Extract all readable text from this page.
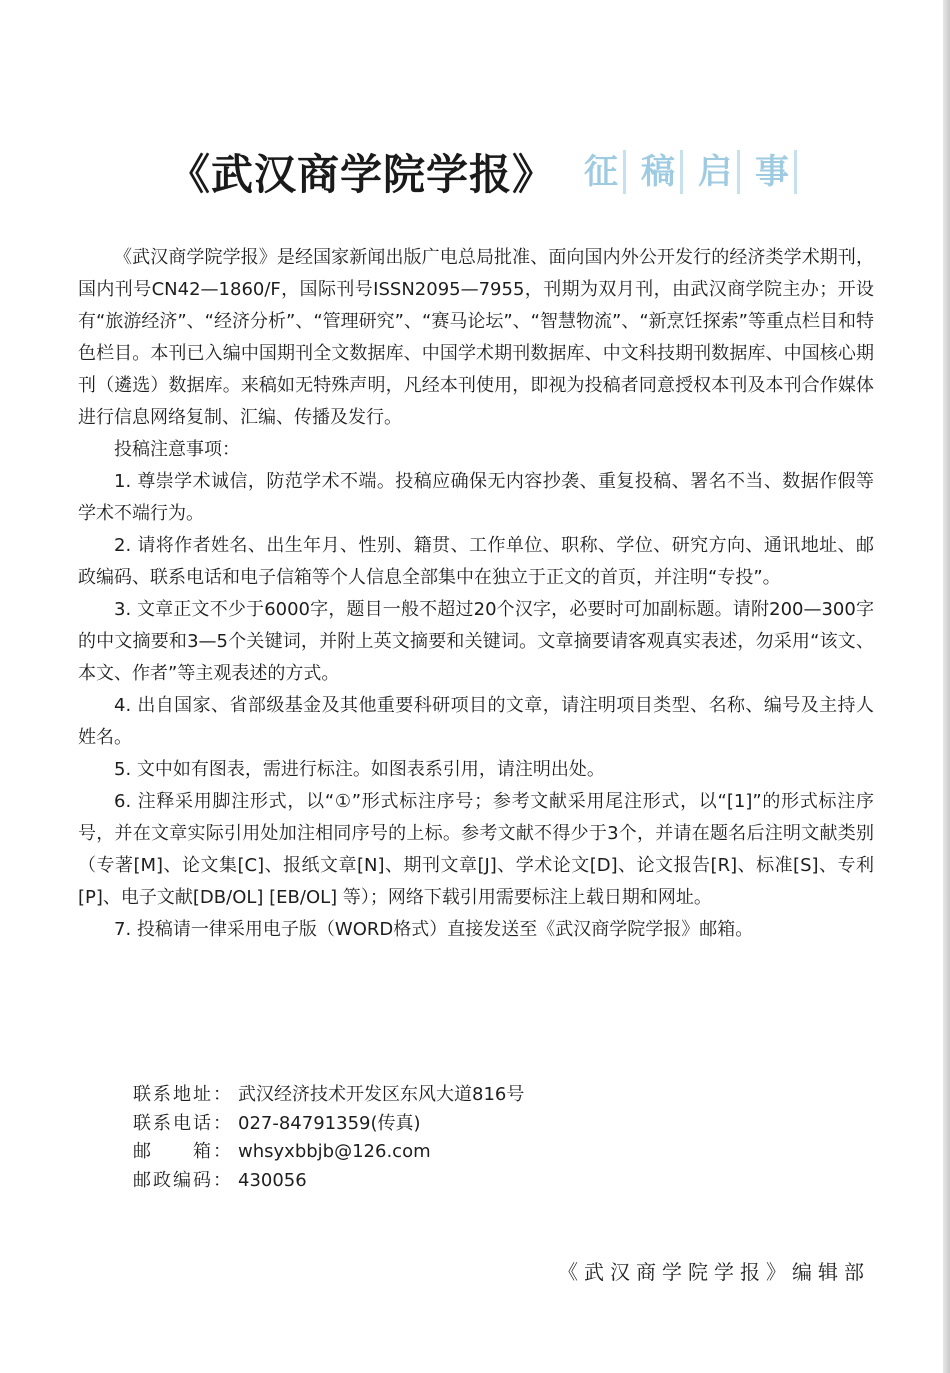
《武汉商学院学报》 征 稿 启 事

《武汉商学院学报》是经国家新闻出版广电总局批准、面向国内外公开发行的经济类学术期刊，国内刊号CN42—1860/F，国际刊号ISSN2095—7955，刊期为双月刊，由武汉商学院主办；开设有“旅游经济”、“经济分析”、“管理研究”、“赛马论坛”、“智慧物流”、“新烹饪探索”等重点栏目和特色栏目。本刊已入编中国期刊全文数据库、中国学术期刊数据库、中文科技期刊数据库、中国核心期刊（遴选）数据库。来稿如无特殊声明，凡经本刊使用，即视为投稿者同意授权本刊及本刊合作媒体进行信息网络复制、汇编、传播及发行。

投稿注意事项：

1. 尊崇学术诚信，防范学术不端。投稿应确保无内容抄袭、重复投稿、署名不当、数据作假等学术不端行为。

2. 请将作者姓名、出生年月、性别、籍贯、工作单位、职称、学位、研究方向、通讯地址、邮政编码、联系电话和电子信箱等个人信息全部集中在独立于正文的首页，并注明“专投”。

3. 文章正文不少于6000字，题目一般不超过20个汉字，必要时可加副标题。请附200—300字的中文摘要和3—5个关键词，并附上英文摘要和关键词。文章摘要请客观真实表述，勿采用“该文、本文、作者”等主观表述的方式。

4. 出自国家、省部级基金及其他重要科研项目的文章，请注明项目类型、名称、编号及主持人姓名。

5. 文中如有图表，需进行标注。如图表系引用，请注明出处。

6. 注释采用脚注形式，以“①”形式标注序号；参考文献采用尾注形式，以“[1]”的形式标注序号，并在文章实际引用处加注相同序号的上标。参考文献不得少于3个，并请在题名后注明文献类别（专著[M]、论文集[C]、报纸文章[N]、期刊文章[J]、学术论文[D]、论文报告[R]、标准[S]、专利[P]、电子文献[DB/OL] [EB/OL] 等）；网络下载引用需要标注上载日期和网址。

7. 投稿请一律采用电子版（WORD格式）直接发送至《武汉商学院学报》邮箱。

联系地址： 武汉经济技术开发区东风大道816号
联系电话： 027-84791359(传真)
邮　　箱： whsyxbbjb@126.com
邮政编码： 430056
《武汉商学院学报》编辑部
